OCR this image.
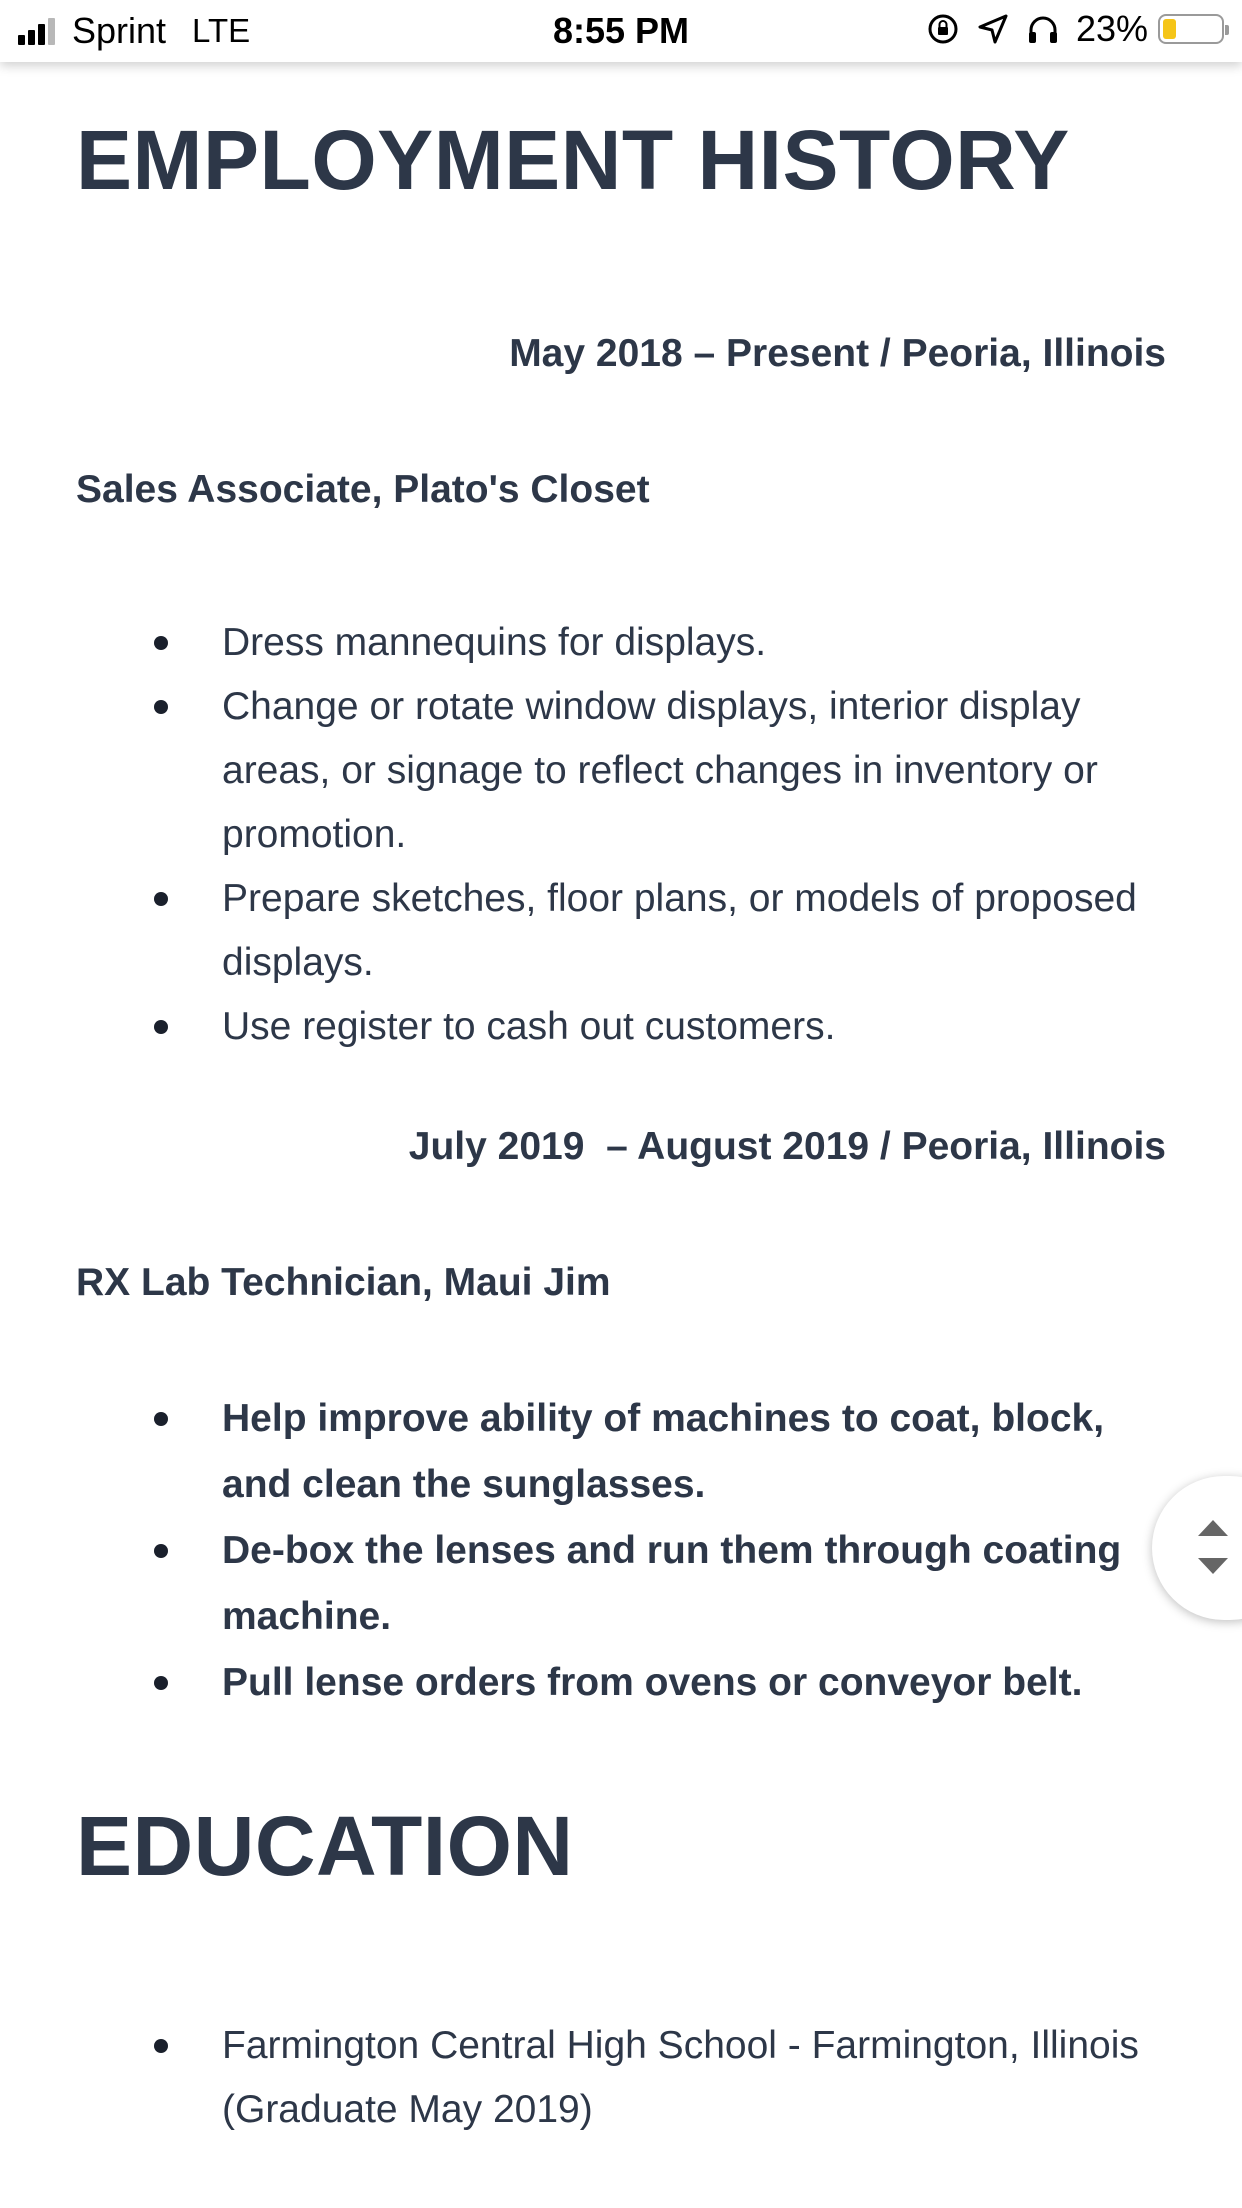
Sprint LTE	8:55 PM	23%
EMPLOYMENT HISTORY
May 2018 – Present / Peoria, Illinois
Sales Associate, Plato's Closet
Dress mannequins for displays.
Change or rotate window displays, interior display areas, or signage to reflect changes in inventory or promotion.
Prepare sketches, floor plans, or models of proposed displays.
Use register to cash out customers.
July 2019  – August 2019 / Peoria, Illinois
RX Lab Technician, Maui Jim
Help improve ability of machines to coat, block, and clean the sunglasses.
De-box the lenses and run them through coating machine.
Pull lense orders from ovens or conveyor belt.
EDUCATION
Farmington Central High School - Farmington, Illinois (Graduate May 2019)
